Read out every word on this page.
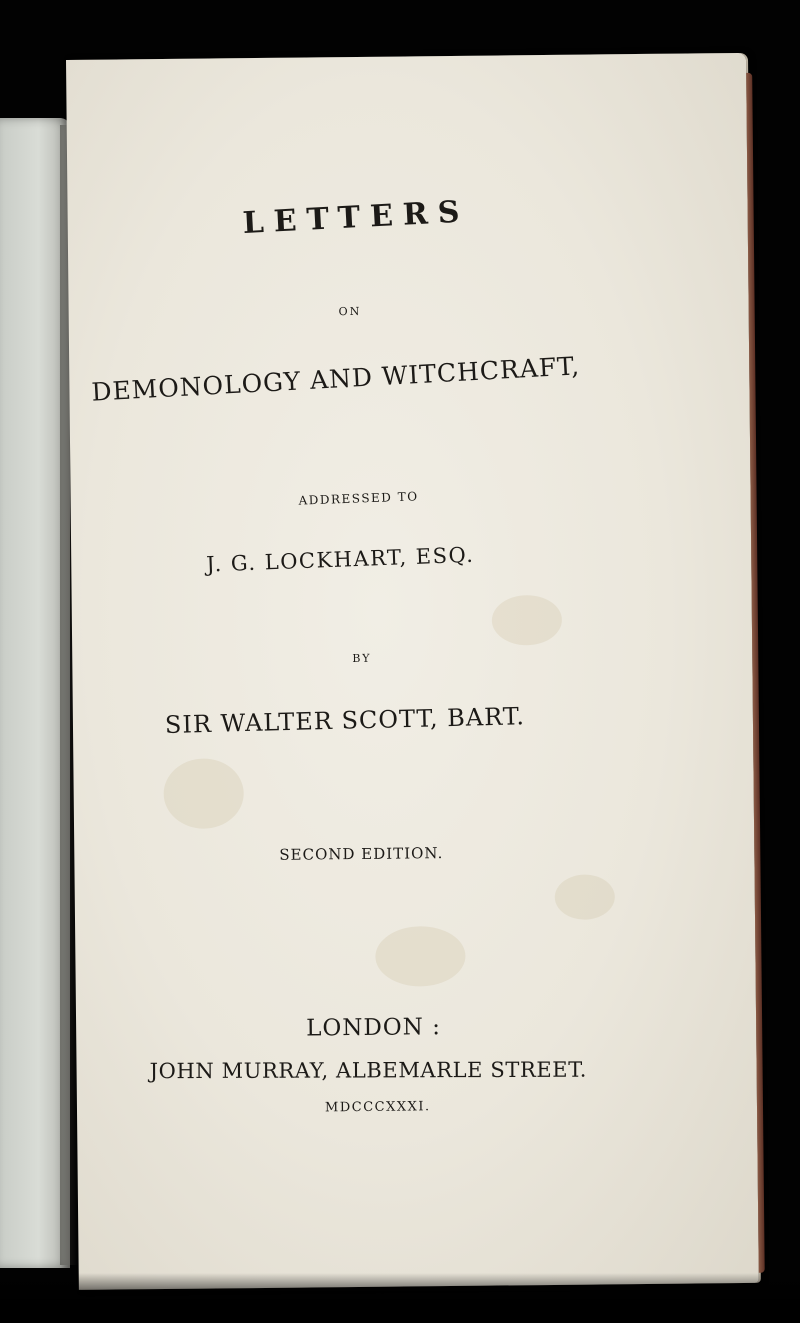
LETTERS
ON
DEMONOLOGY AND WITCHCRAFT,
ADDRESSED TO
J. G. LOCKHART, ESQ.
BY
SIR WALTER SCOTT, BART.
SECOND EDITION.
LONDON :
JOHN MURRAY, ALBEMARLE STREET.
MDCCCXXXI.
